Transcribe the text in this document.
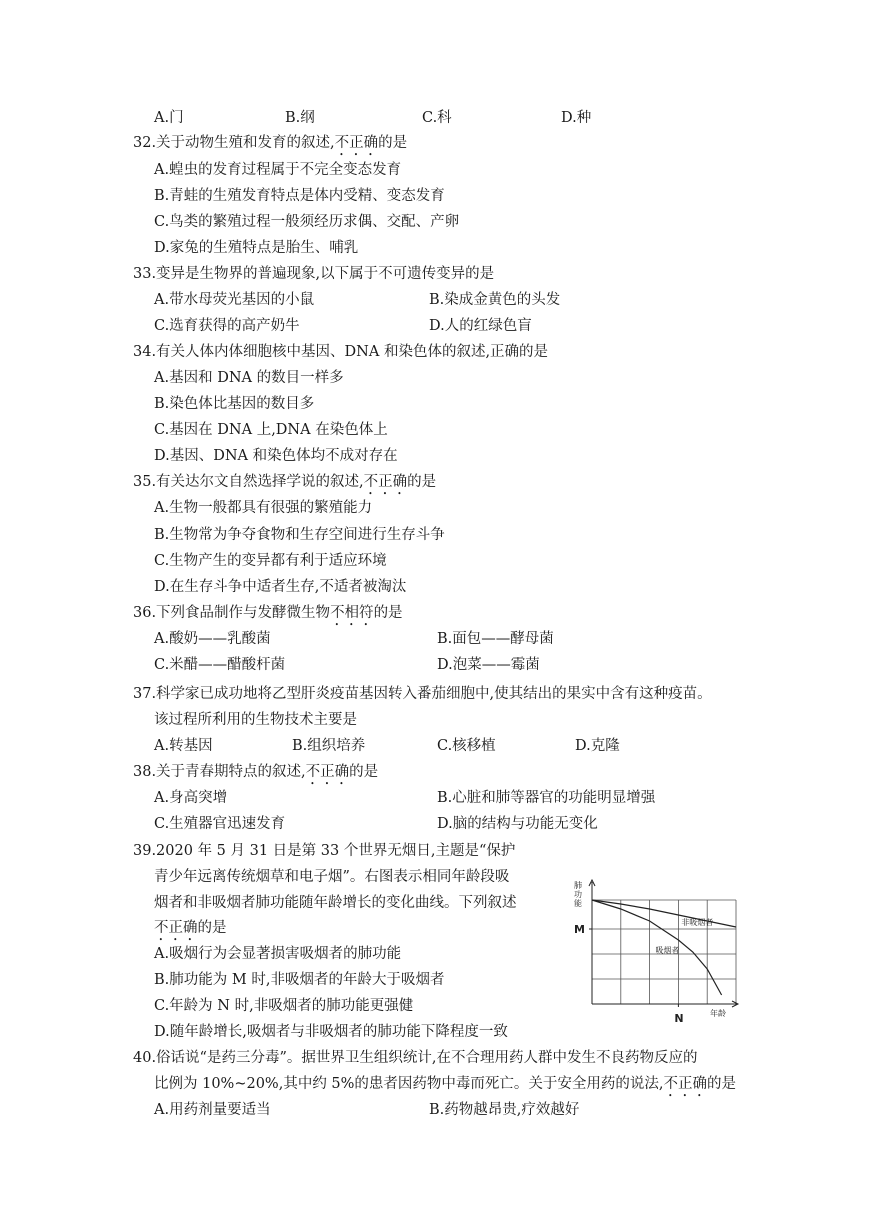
A.门	B.纲	C.科	D.种
32.关于动物生殖和发育的叙述,不正确的是
A.蝗虫的发育过程属于不完全变态发育
B.青蛙的生殖发育特点是体内受精、变态发育
C.鸟类的繁殖过程一般须经历求偶、交配、产卵
D.家兔的生殖特点是胎生、哺乳
33.变异是生物界的普遍现象,以下属于不可遗传变异的是
A.带水母荧光基因的小鼠	B.染成金黄色的头发
C.选育获得的高产奶牛	D.人的红绿色盲
34.有关人体内体细胞核中基因、DNA 和染色体的叙述,正确的是
A.基因和 DNA 的数目一样多
B.染色体比基因的数目多
C.基因在 DNA 上,DNA 在染色体上
D.基因、DNA 和染色体均不成对存在
35.有关达尔文自然选择学说的叙述,不正确的是
A.生物一般都具有很强的繁殖能力
B.生物常为争夺食物和生存空间进行生存斗争
C.生物产生的变异都有利于适应环境
D.在生存斗争中适者生存,不适者被淘汰
36.下列食品制作与发酵微生物不相符的是
A.酸奶——乳酸菌	B.面包——酵母菌
C.米醋——醋酸杆菌	D.泡菜——霉菌
37.科学家已成功地将乙型肝炎疫苗基因转入番茄细胞中,使其结出的果实中含有这种疫苗。
该过程所利用的生物技术主要是
A.转基因	B.组织培养	C.核移植	D.克隆
38.关于青春期特点的叙述,不正确的是
A.身高突增	B.心脏和肺等器官的功能明显增强
C.生殖器官迅速发育	D.脑的结构与功能无变化
39.2020 年 5 月 31 日是第 33 个世界无烟日,主题是“保护
青少年远离传统烟草和电子烟”。右图表示相同年龄段吸
烟者和非吸烟者肺功能随年龄增长的变化曲线。下列叙述
不正确的是
A.吸烟行为会显著损害吸烟者的肺功能
B.肺功能为 M 时,非吸烟者的年龄大于吸烟者
C.年龄为 N 时,非吸烟者的肺功能更强健
D.随年龄增长,吸烟者与非吸烟者的肺功能下降程度一致
肺功能
年龄
M
N
非吸烟者
吸烟者
40.俗话说“是药三分毒”。据世界卫生组织统计,在不合理用药人群中发生不良药物反应的
比例为 10%~20%,其中约 5%的患者因药物中毒而死亡。关于安全用药的说法,不正确的是
A.用药剂量要适当	B.药物越昂贵,疗效越好
